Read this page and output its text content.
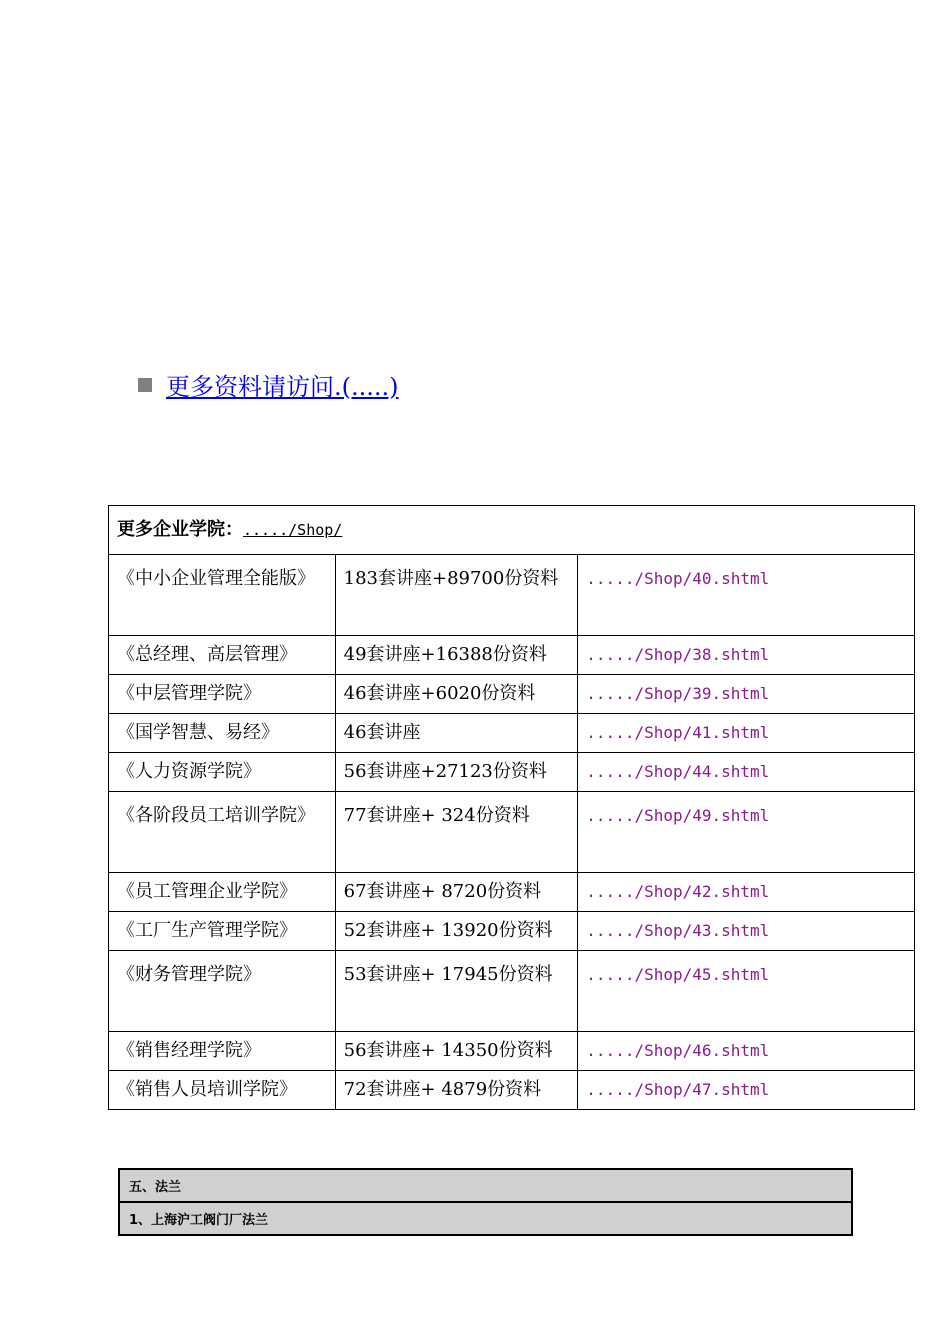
更多资料请访问.(.....)
更多企业学院：...../Shop/		
《中小企业管理全能版》	183套讲座+89700份资料	...../Shop/40.shtml
《总经理、高层管理》	49套讲座+16388份资料	...../Shop/38.shtml
《中层管理学院》	46套讲座+6020份资料	...../Shop/39.shtml
《国学智慧、易经》	46套讲座	...../Shop/41.shtml
《人力资源学院》	56套讲座+27123份资料	...../Shop/44.shtml
《各阶段员工培训学院》	77套讲座+ 324份资料	...../Shop/49.shtml
《员工管理企业学院》	67套讲座+ 8720份资料	...../Shop/42.shtml
《工厂生产管理学院》	52套讲座+ 13920份资料	...../Shop/43.shtml
《财务管理学院》	53套讲座+ 17945份资料	...../Shop/45.shtml
《销售经理学院》	56套讲座+ 14350份资料	...../Shop/46.shtml
《销售人员培训学院》	72套讲座+ 4879份资料	...../Shop/47.shtml
五、法兰
1、上海沪工阀门厂法兰
